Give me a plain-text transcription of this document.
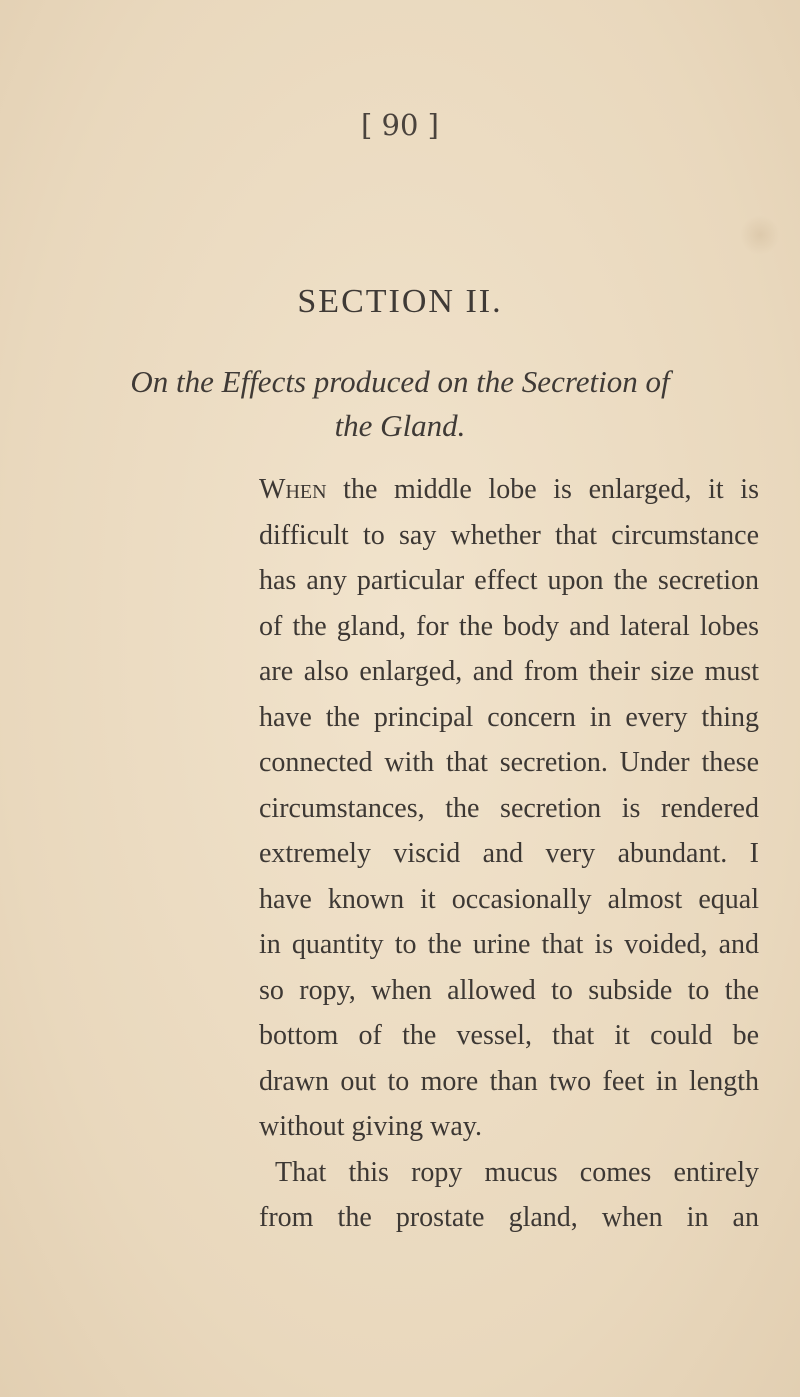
[ 90 ]
SECTION II.
On the Effects produced on the Secretion of
the Gland.
When the middle lobe is enlarged, it is
difficult to say whether that circumstance
has any particular effect upon the secretion
of the gland, for the body and lateral lobes
are also enlarged, and from their size must
have the principal concern in every thing
connected with that secretion. Under these
circumstances, the secretion is rendered
extremely viscid and very abundant. I
have known it occasionally almost equal
in quantity to the urine that is voided, and
so ropy, when allowed to subside to the
bottom of the vessel, that it could be
drawn out to more than two feet in length
without giving way.
That this ropy mucus comes entirely
from the prostate gland, when in an
